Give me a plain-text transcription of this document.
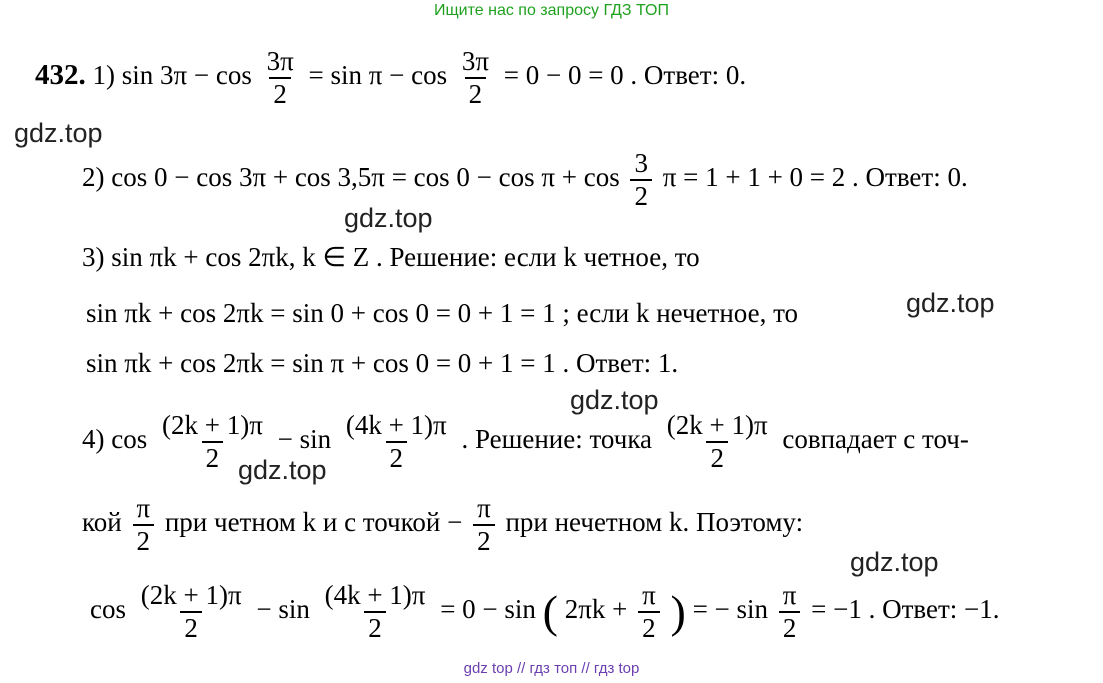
Ищите нас по запросу ГДЗ ТОП
432. 1) $\sin 3\pi - \cos \frac{3\pi}{2} = \sin \pi - \cos \frac{3\pi}{2} = 0 - 0 = 0$ . Ответ: 0.
gdz.top
2) $\cos 0 - \cos 3\pi + \cos 3,5\pi = \cos 0 - \cos \pi + \cos \frac{3}{2}$ π = 1 + 1 + 0 = 2 . Ответ: 0.
gdz.top
3) sin πk + cos 2πk, k ∈ Z . Решение: если k четное, то
sin πk + cos 2πk = sin 0 + cos 0 = 0 + 1 = 1 ; если k нечетное, то	gdz.top
sin πk + cos 2πk = sin π + cos 0 = 0 + 1 = 1 . Ответ: 1.
gdz.top
4) $\cos \frac{(2k + 1)\pi}{2} - \sin \frac{(4k + 1)\pi}{2}$ . Решение: точка $\frac{(2k + 1)\pi}{2}$ совпадает с точ-
gdz.top
кой $\frac{\pi}{2}$ при четном k и с точкой − $\frac{\pi}{2}$ при нечетном k. Поэтому:
gdz.top
$\cos \frac{(2k + 1)\pi}{2} - \sin \frac{(4k + 1)\pi}{2} = 0 - \sin$ ( $2\pi k + \frac{\pi}{2}$ ) = − $\sin \frac{\pi}{2} = -1$ . Ответ: −1.
gdz top // гдз топ // гдз top
